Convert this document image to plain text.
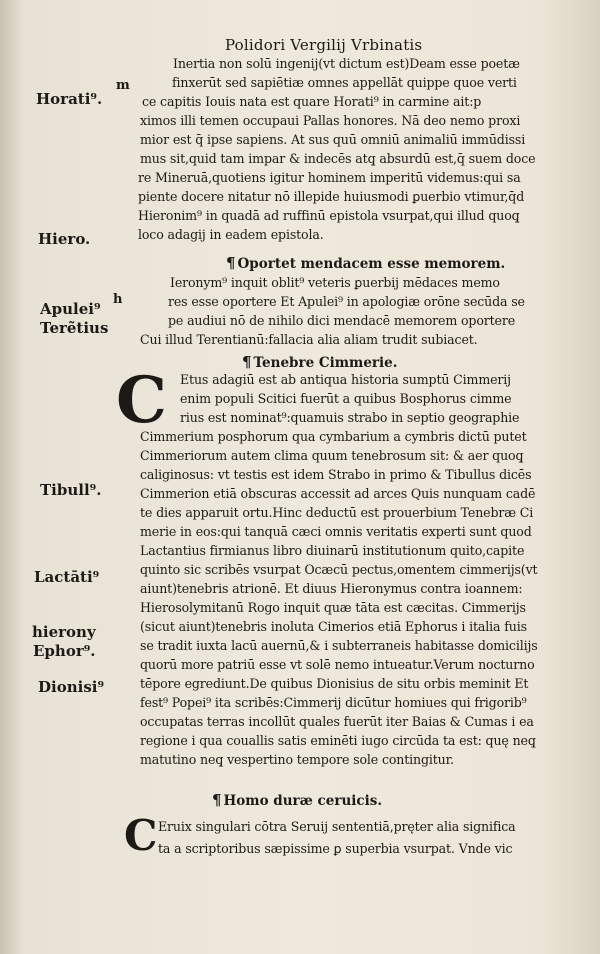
Polidori Vergilij Vrbinatis
Horati⁹.
Hiero.
Apulei⁹
Terẽtius
Tibull⁹.
Lactāti⁹
hierony
Ephor⁹.
Dionisi⁹
m
h
Inertia non solū ingenij(vt dictum est)Deam esse poetæ
finxerūt sed sapiētiæ omnes appellāt quippe quoe verti
ce capitis Iouis nata est quare Horati⁹ in carmine ait:p
ximos illi temen occupaui Pallas honores. Nā deo nemo proxi
mior est q̄ ipse sapiens. At sus quū omniū animaliū immūdissi
mus sit,quid tam impar & indecēs atq̧ absurdū est,q̄ suem doce
re Mineruā,quotiens igitur hominem imperitū videmus:qui sa
piente docere nitatur nō illepide huiusmodi ꝑuerbio vtimur,q̄d
Hieronim⁹ in quadā ad ruffinū epistola vsurpat,qui illud quoq̧
loco adagij in eadem epistola.
¶ Oportet mendacem esse memorem.
Ieronym⁹ inquit oblit⁹ veteris ꝑuerbij mēdaces memo
res esse oportere Et Apulei⁹ in apologiæ orōne secūda se
pe audiui nō de nihilo dici mendacē memorem oportere
Cui illud Terentianū:fallacia alia aliam trudit subiacet.
¶ Tenebre Cimmerie.
C Etus adagiū est ab antiqua historia sumptū Cimmerij
enim populi Scitici fuerūt a quibus Bosphorus cimme
rius est nominat⁹:quamuis strabo in septio geographie
Cimmerium posphorum qua cymbarium a cymbris dictū putet
Cimmeriorum autem clima quum tenebrosum sit: & aer quoq̧
caliginosus: vt testis est idem Strabo in primo & Tibullus dicēs
Cimmerion etiā obscuras accessit ad arces Quis nunquam cadē
te dies apparuit ortu.Hinc deductū est prouerbium Tenebræ Ci
merie in eos:qui tanquā cæci omnis veritatis experti sunt quod
Lactantius firmianus libro diuinarū institutionum quito,capite
quinto sic scribēs vsurpat Ocæcū pectus,omentem cimmerijs(vt
aiunt)tenebris atrionē. Et diuus Hieronymus contra ioannem:
Hierosolymitanū Rogo inquit quæ tāta est cæcitas. Cimmerijs
(sicut aiunt)tenebris inoluta Cimerios etiā Ephorus i italia fuis
se tradit iuxta lacū auernū,& i subterraneis habitasse domicilijs
quorū more patriū esse vt solē nemo intueatur.Verum nocturno
tēpore egrediunt.De quibus Dionisius de situ orbis meminit Et
fest⁹ Popei⁹ ita scribēs:Cimmerij dicūtur homiues qui frigorib⁹
occupatas terras incollūt quales fuerūt iter Baias & Cumas i ea
regione i qua couallis satis eminēti iugo circūda ta est: quę neq̧
matutino neq̧ vespertino tempore sole contingitur.
¶ Homo duræ ceruicis.
C Eruix singulari cōtra Seruij sententiā,pręter alia significa
ta a scriptoribus sæpissime ꝑ superbia vsurpat. Vnde vic
